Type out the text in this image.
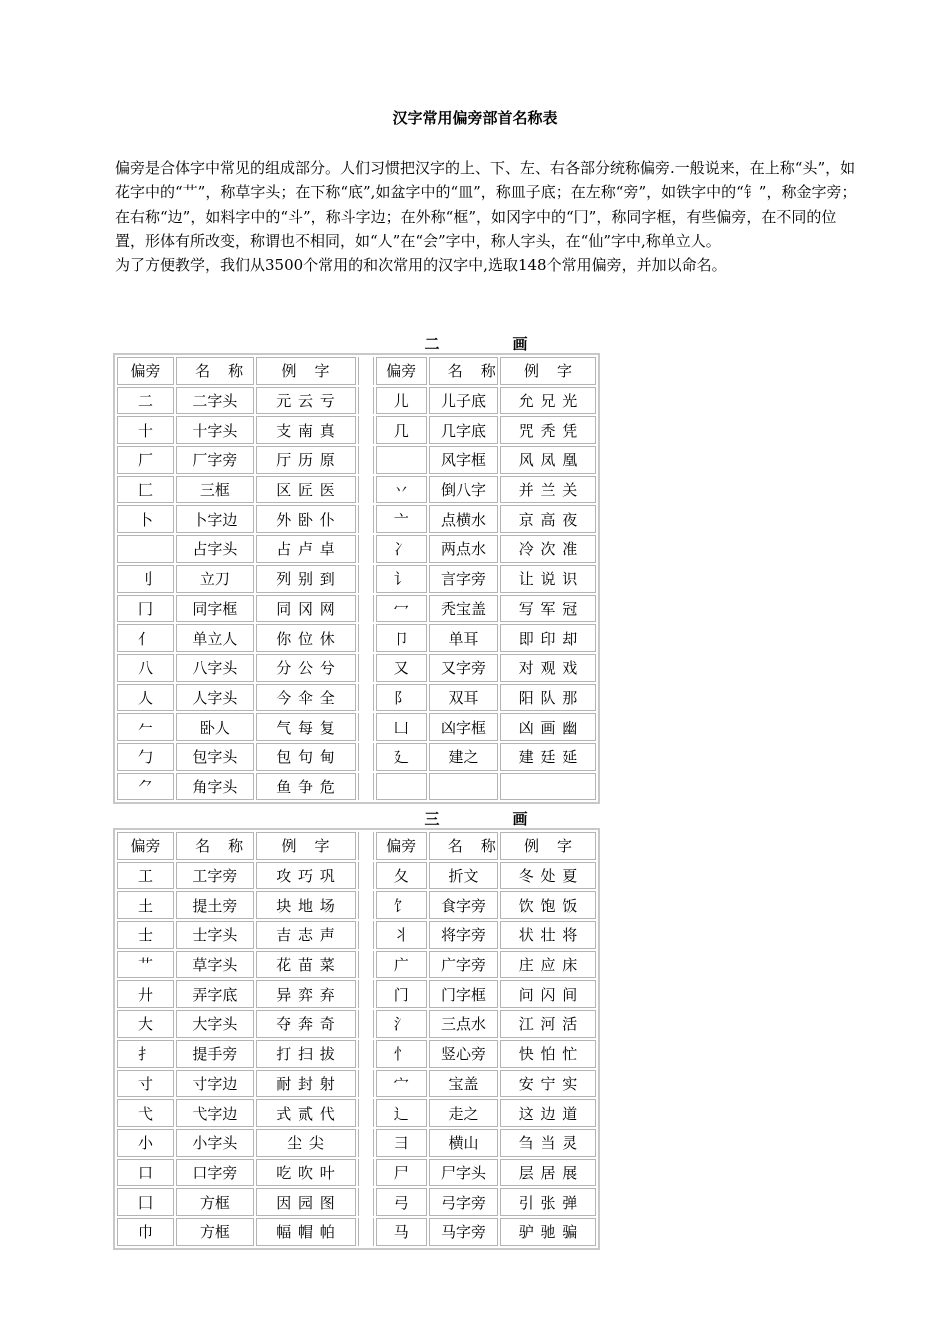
汉字常用偏旁部首名称表

偏旁是合体字中常见的组成部分。人们习惯把汉字的上、下、左、右各部分统称偏旁.一般说来，在上称“头”，如花字中的“艹”，称草字头；在下称“底”,如盆字中的“皿”，称皿子底；在左称“旁”，如铁字中的“钅”，称金字旁；在右称“边”，如料字中的“斗”，称斗字边；在外称“框”，如冈字中的“冂”，称同字框，有些偏旁，在不同的位置，形体有所改变，称谓也不相同，如“人”在“会”字中，称人字头，在“仙”字中,称单立人。

为了方便教学，我们从3500个常用的和次常用的汉字中,选取148个常用偏旁，并加以命名。

二	画
偏旁	名称	例字		偏旁	名称	例字
二	二字头	元云亏		儿	儿子底	允兄光
十	十字头	支南真		几	几字底	咒秃凭
厂	厂字旁	厅历原			风字框	风凤凰
匚	三框	区匠医		丷	倒八字	并兰关
卜	卜字边	外卧仆		亠	点横水	京高夜
	占字头	占卢卓		冫	两点水	冷次准
刂	立刀	列别到		讠	言字旁	让说识
冂	同字框	同冈网		冖	秃宝盖	写军冠
亻	单立人	你位休		卩	单耳	即印却
八	八字头	分公兮		又	又字旁	对观戏
人	人字头	今伞全		阝	双耳	阳队那
𠂉	卧人	气每复		凵	凶字框	凶画幽
勹	包字头	包句甸		廴	建之	建廷延
⺈	角字头	鱼争危				
三	画
偏旁	名称	例字		偏旁	名称	例字
工	工字旁	攻巧巩		夂	折文	冬处夏
土	提土旁	块地场		饣	食字旁	饮饱饭
士	士字头	吉志声		丬	将字旁	状壮将
艹	草字头	花苗菜		广	广字旁	庄应床
廾	弄字底	异弈弃		门	门字框	问闪间
大	大字头	夺奔奇		氵	三点水	江河活
扌	提手旁	打扫拔		忄	竖心旁	快怕忙
寸	寸字边	耐封射		宀	宝盖	安宁实
弋	弋字边	式贰代		辶	走之	这边道
小	小字头	尘尖		彐	横山	刍当灵
口	口字旁	吃吹叶		尸	尸字头	层居展
囗	方框	因园图		弓	弓字旁	引张弹
巾	方框	幅帽帕		马	马字旁	驴驰骗
